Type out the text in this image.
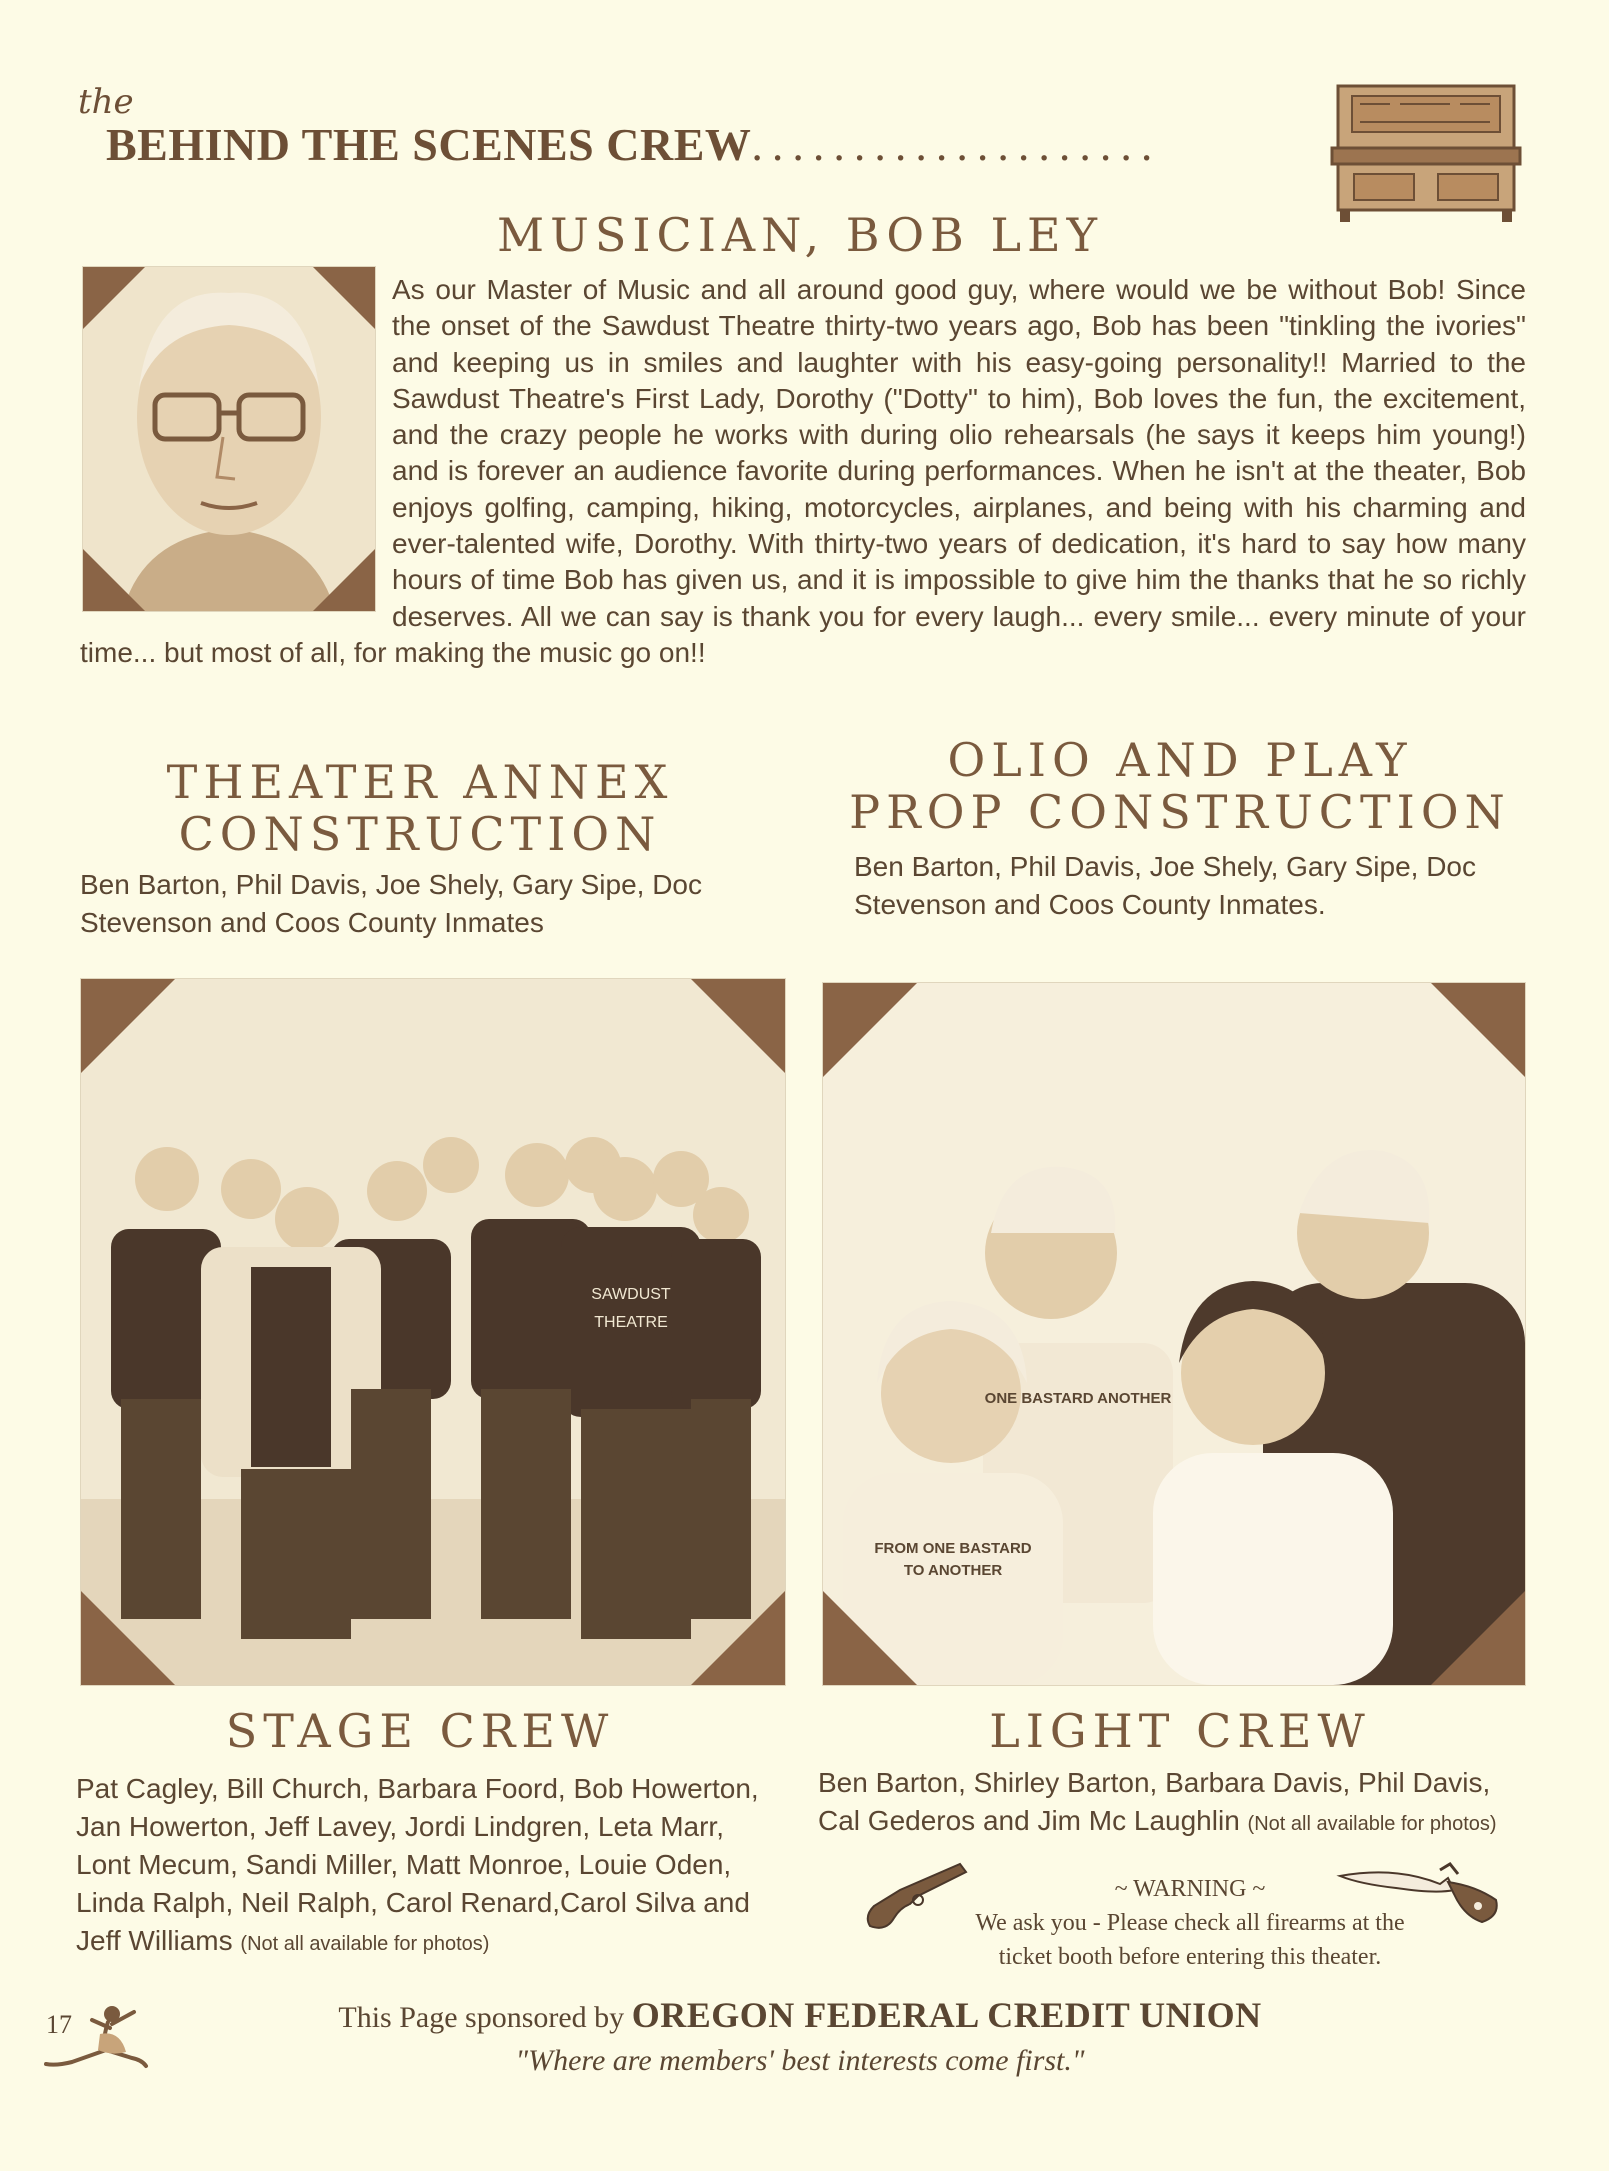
the
BEHIND THE SCENES CREW....................
MUSICIAN, BOB LEY
As our Master of Music and all around good guy, where would we be without Bob! Since the onset of the Sawdust Theatre thirty-two years ago, Bob has been "tinkling the ivories" and keeping us in smiles and laughter with his easy-going personality!! Married to the Sawdust Theatre's First Lady, Dorothy ("Dotty" to him), Bob loves the fun, the excitement, and the crazy people he works with during olio rehearsals (he says it keeps him young!) and is forever an audience favorite during performances. When he isn't at the theater, Bob enjoys golfing, camping, hiking, motorcycles, airplanes, and being with his charming and ever-talented wife, Dorothy. With thirty-two years of dedication, it's hard to say how many hours of time Bob has given us, and it is impossible to give him the thanks that he so richly deserves. All we can say is thank you for every laugh... every smile... every minute of your time... but most of all, for making the music go on!!
THEATER ANNEX
CONSTRUCTION
Ben Barton, Phil Davis, Joe Shely, Gary Sipe, Doc Stevenson and Coos County Inmates
OLIO AND PLAY
PROP CONSTRUCTION
Ben Barton, Phil Davis, Joe Shely, Gary Sipe, Doc Stevenson and Coos County Inmates.
SAWDUST
THEATRE
FROM ONE BASTARD
TO ANOTHER
ONE BASTARD ANOTHER
STAGE CREW
Pat Cagley, Bill Church, Barbara Foord, Bob Howerton, Jan Howerton, Jeff Lavey, Jordi Lindgren, Leta Marr, Lont Mecum, Sandi Miller, Matt Monroe, Louie Oden, Linda Ralph, Neil Ralph, Carol Renard,Carol Silva and Jeff Williams (Not all available for photos)
LIGHT CREW
Ben Barton, Shirley Barton, Barbara Davis, Phil Davis, Cal Gederos and Jim Mc Laughlin (Not all available for photos)
~ WARNING ~
We ask you - Please check all firearms at the
ticket booth before entering this theater.
17	This Page sponsored by OREGON FEDERAL CREDIT UNION
"Where are members' best interests come first."
